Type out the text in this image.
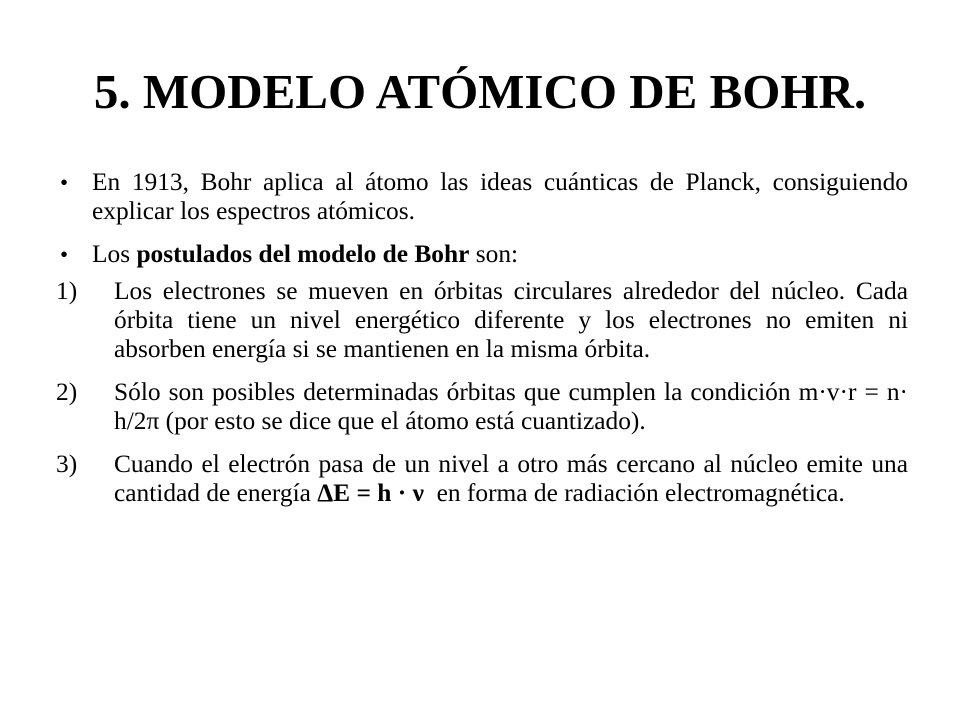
5. MODELO ATÓMICO DE BOHR.
• En 1913, Bohr aplica al átomo las ideas cuánticas de Planck, consiguiendo explicar los espectros atómicos.
• Los postulados del modelo de Bohr son:
1) Los electrones se mueven en órbitas circulares alrededor del núcleo. Cada órbita tiene un nivel energético diferente y los electrones no emiten ni absorben energía si se mantienen en la misma órbita.
2) Sólo son posibles determinadas órbitas que cumplen la condición m·v·r = n· h/2π (por esto se dice que el átomo está cuantizado).
3) Cuando el electrón pasa de un nivel a otro más cercano al núcleo emite una cantidad de energía ΔE = h · ν  en forma de radiación electromagnética.
